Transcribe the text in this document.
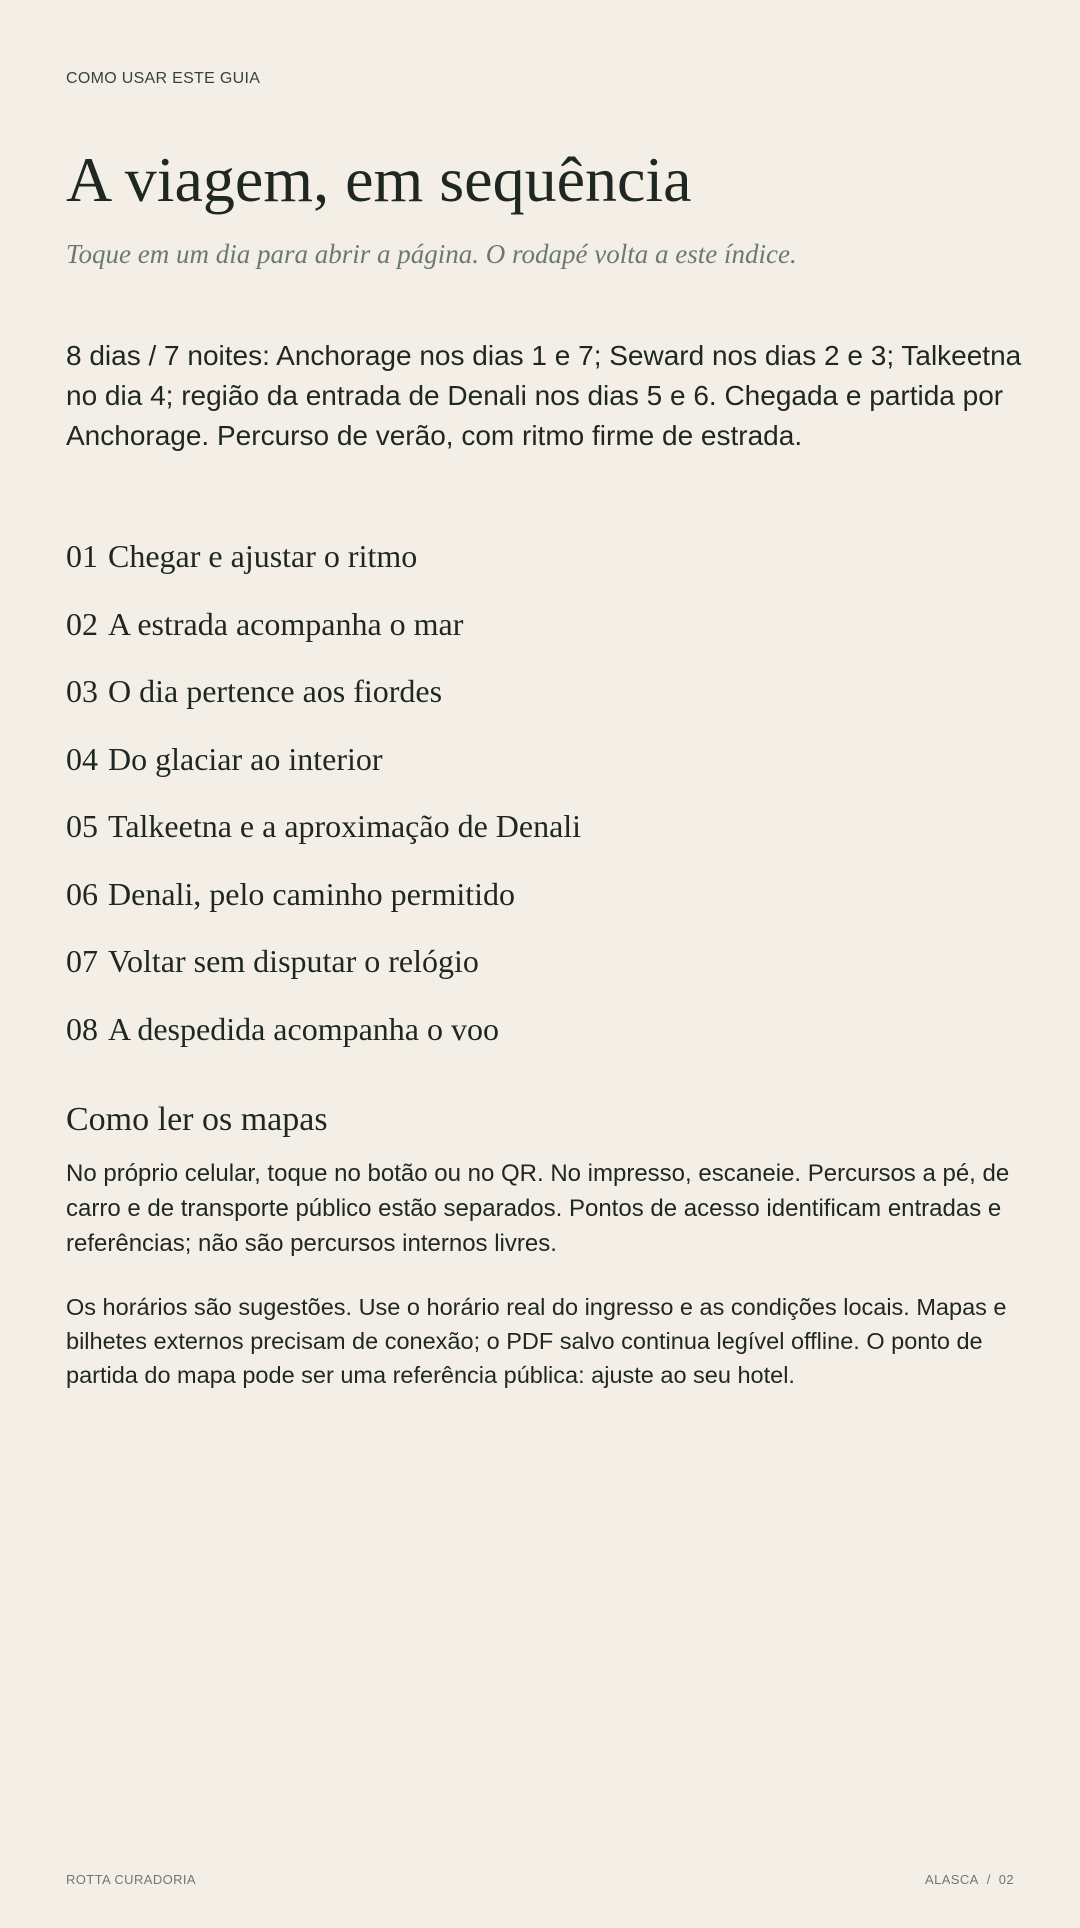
COMO USAR ESTE GUIA
A viagem, em sequência
Toque em um dia para abrir a página. O rodapé volta a este índice.

8 dias / 7 noites: Anchorage nos dias 1 e 7; Seward nos dias 2 e 3; Talkeetna no dia 4; região da entrada de Denali nos dias 5 e 6. Chegada e partida por Anchorage. Percurso de verão, com ritmo firme de estrada.

01 Chegar e ajustar o ritmo
02 A estrada acompanha o mar
03 O dia pertence aos fiordes
04 Do glaciar ao interior
05 Talkeetna e a aproximação de Denali
06 Denali, pelo caminho permitido
07 Voltar sem disputar o relógio
08 A despedida acompanha o voo
Como ler os mapas

No próprio celular, toque no botão ou no QR. No impresso, escaneie. Percursos a pé, de carro e de transporte público estão separados. Pontos de acesso identificam entradas e referências; não são percursos internos livres.

Os horários são sugestões. Use o horário real do ingresso e as condições locais. Mapas e bilhetes externos precisam de conexão; o PDF salvo continua legível offline. O ponto de partida do mapa pode ser uma referência pública: ajuste ao seu hotel.

ROTTA CURADORIA	ALASCA / 02
